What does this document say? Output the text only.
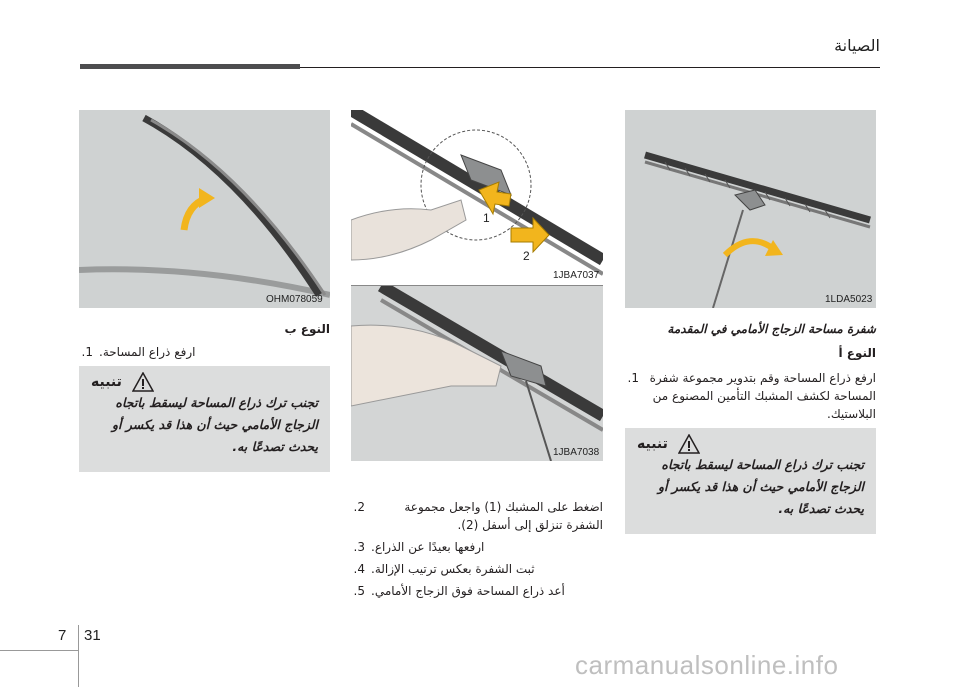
الصيانة
1LDA5023
1
2
1JBA7037
1JBA7038
OHM078059
شفرة مساحة الزجاج الأمامي في المقدمة
النوع أ
1. ارفع ذراع المساحة وقم بتدوير مجموعة شفرة المساحة لكشف المشبك التأمين المصنوع من البلاستيك.
تنبيه
تجنب ترك ذراع المساحة ليسقط باتجاه الزجاج الأمامي حيث أن هذا قد يكسر أو يحدث تصدعًا به.
2.	اضغط على المشبك (1) واجعل مجموعة الشفرة تنزلق إلى أسفل (2).
3. ارفعها بعيدًا عن الذراع.
4. ثبت الشفرة بعكس ترتيب الإزالة.
5. أعد ذراع المساحة فوق الزجاج الأمامي.
النوع ب
1. ارفع ذراع المساحة.
تنبيه
تجنب ترك ذراع المساحة ليسقط باتجاه الزجاج الأمامي حيث أن هذا قد يكسر أو يحدث تصدعًا به.
7 31
carmanualsonline.info
